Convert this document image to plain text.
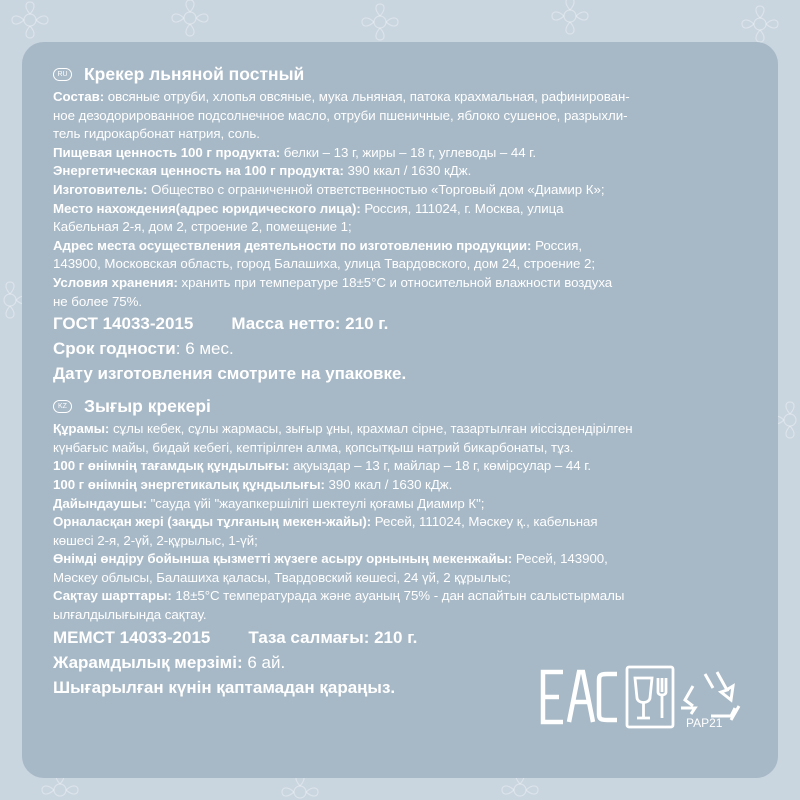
RU Крекер льняной постный
Состав: овсяные отруби, хлопья овсяные, мука льняная, патока крахмальная, рафинирован-
ное дезодорированное подсолнечное масло, отруби пшеничные, яблоко сушеное, разрыхли-
тель гидрокарбонат натрия, соль.
Пищевая ценность 100 г продукта: белки – 13 г, жиры – 18 г, углеводы – 44 г.
Энергетическая ценность на 100 г продукта: 390 ккал / 1630 кДж.
Изготовитель: Общество с ограниченной ответственностью «Торговый дом «Диамир К»;
Место нахождения(адрес юридического лица): Россия, 111024, г. Москва, улица
Кабельная 2-я, дом 2, строение 2, помещение 1;
Адрес места осуществления деятельности по изготовлению продукции: Россия,
143900, Московская область, город Балашиха, улица Твардовского, дом 24, строение 2;
Условия хранения: хранить при температуре 18±5°С и относительной влажности воздуха
не более 75%.
ГОСТ 14033-2015 Масса нетто: 210 г.
Срок годности: 6 мес.
Дату изготовления смотрите на упаковке.
KZ Зығыр крекері
Құрамы: сұлы кебек, сұлы жармасы, зығыр ұны, крахмал сірне, тазартылған иіссіздендірілген
күнбағыс майы, бидай кебегі, кептірілген алма, қопсытқыш натрий бикарбонаты, тұз.
100 г өнімнің тағамдық құндылығы: ақуыздар – 13 г, майлар – 18 г, көмірсулар – 44 г.
100 г өнімнің энергетикалық құндылығы: 390 ккал / 1630 кДж.
Дайындаушы: "сауда үйі "жауапкершілігі шектеулі қоғамы Диамир К";
Орналасқан жері (заңды тұлғаның мекен-жайы): Ресей, 111024, Мәскеу қ., кабельная
көшесі 2-я, 2-үй, 2-құрылыс, 1-үй;
Өнімді өндіру бойынша қызметті жүзеге асыру орнының мекенжайы: Ресей, 143900,
Мәскеу облысы, Балашиха қаласы, Твардовский көшесі, 24 үй, 2 құрылыс;
Сақтау шарттары: 18±5°C температурада және ауаның 75% - дан аспайтын салыстырмалы
ылғалдылығында сақтау.
МЕМСТ 14033-2015 Таза салмағы: 210 г.
Жарамдылық мерзімі: 6 ай.
Шығарылған күнін қаптамадан қараңыз.
PAP21
